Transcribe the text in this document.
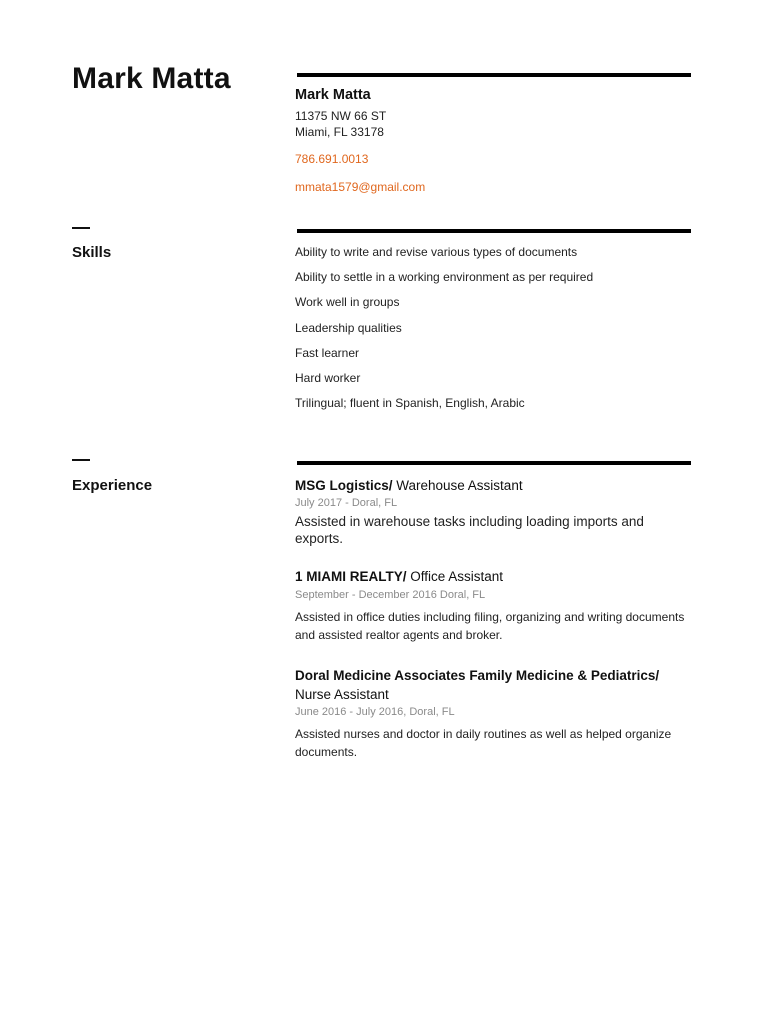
Mark Matta	Mark Matta
11375 NW 66 ST
Miami, FL 33178
786.691.0013
mmata1579@gmail.com
Skills	Ability to write and revise various types of documents
Ability to settle in a working environment as per required
Work well in groups
Leadership qualities
Fast learner
Hard worker
Trilingual; fluent in Spanish, English, Arabic
Experience	MSG Logistics/ Warehouse Assistant
July 2017 - Doral, FL
Assisted in warehouse tasks including loading imports and exports.
1 MIAMI REALTY/ Office Assistant
September - December 2016 Doral, FL
Assisted in office duties including filing, organizing and writing documents and assisted realtor agents and broker.
Doral Medicine Associates Family Medicine & Pediatrics/ Nurse Assistant
June 2016 - July 2016, Doral, FL
Assisted nurses and doctor in daily routines as well as helped organize documents.
